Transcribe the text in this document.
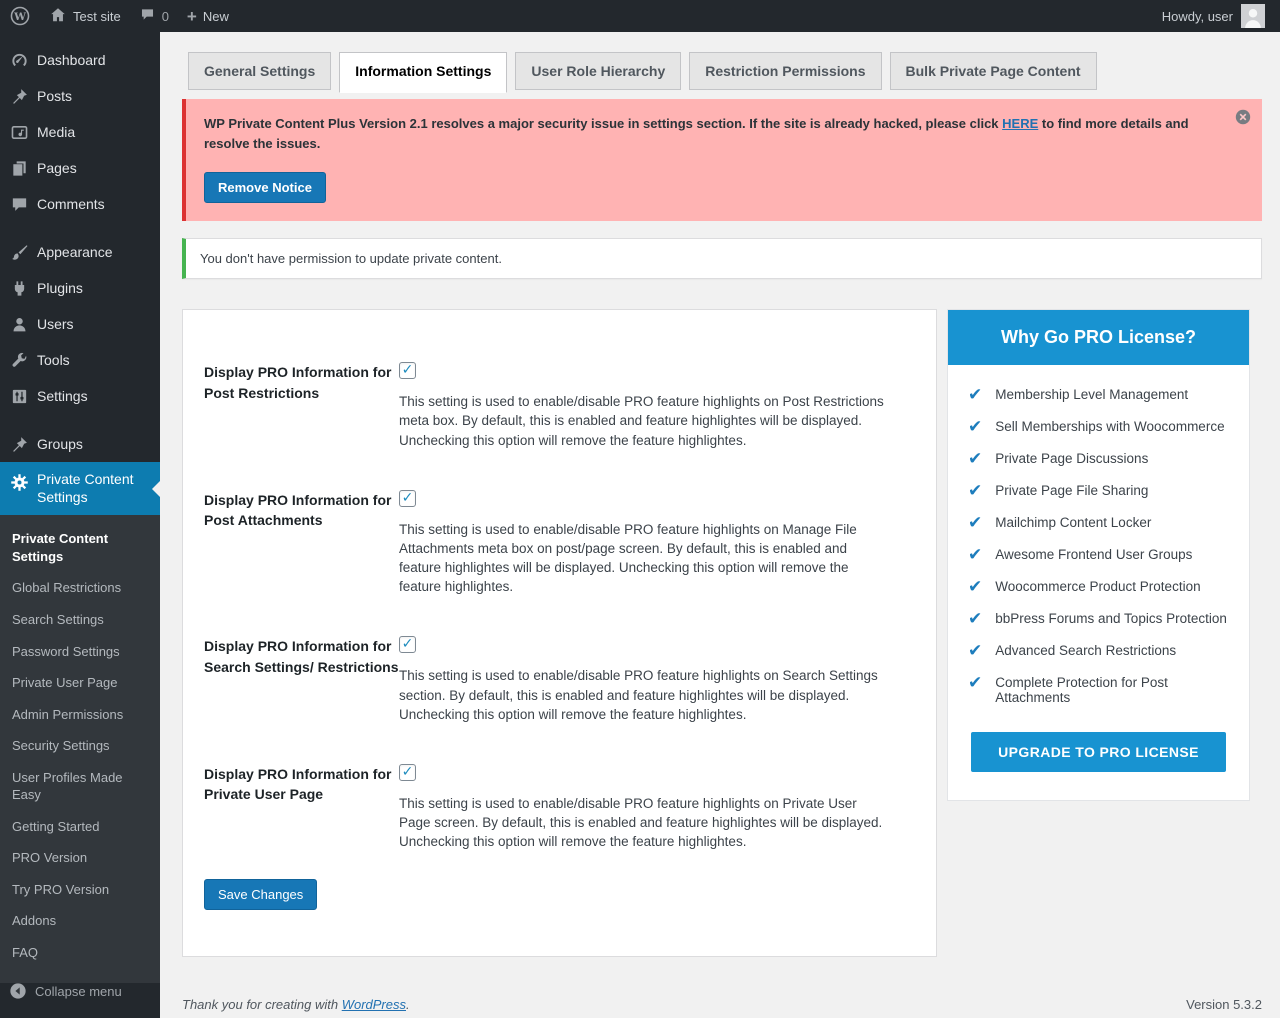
W	Test site	0 + New	Howdy, user
Dashboard
Posts
Media
Pages
Comments
Appearance
Plugins
Users
Tools
Settings
Groups
Private Content Settings
Private Content Settings
Global Restrictions
Search Settings
Password Settings
Private User Page
Admin Permissions
Security Settings
User Profiles Made Easy
Getting Started
PRO Version
Try PRO Version
Addons
FAQ
Collapse menu
General Settings	Information Settings	User Role Hierarchy	Restriction Permissions	Bulk Private Page Content
WP Private Content Plus Version 2.1 resolves a major security issue in settings section. If the site is already hacked, please click HERE to find more details and resolve the issues.
Remove Notice
You don't have permission to update private content.
Display PRO Information for Post Restrictions
✓
This setting is used to enable/disable PRO feature highlights on Post Restrictions meta box. By default, this is enabled and feature highlightes will be displayed. Unchecking this option will remove the feature highlightes.
Display PRO Information for Post Attachments
✓
This setting is used to enable/disable PRO feature highlights on Manage File Attachments meta box on post/page screen. By default, this is enabled and feature highlightes will be displayed. Unchecking this option will remove the feature highlightes.
Display PRO Information for Search Settings/ Restrictions
✓
This setting is used to enable/disable PRO feature highlights on Search Settings section. By default, this is enabled and feature highlightes will be displayed. Unchecking this option will remove the feature highlightes.
Display PRO Information for Private User Page
✓
This setting is used to enable/disable PRO feature highlights on Private User Page screen. By default, this is enabled and feature highlightes will be displayed. Unchecking this option will remove the feature highlightes.
Save Changes
Why Go PRO License?
✔ Membership Level Management
✔ Sell Memberships with Woocommerce
✔ Private Page Discussions
✔ Private Page File Sharing
✔ Mailchimp Content Locker
✔ Awesome Frontend User Groups
✔ Woocommerce Product Protection
✔ bbPress Forums and Topics Protection
✔ Advanced Search Restrictions
✔ Complete Protection for Post Attachments
UPGRADE TO PRO LICENSE
Thank you for creating with WordPress.	Version 5.3.2
